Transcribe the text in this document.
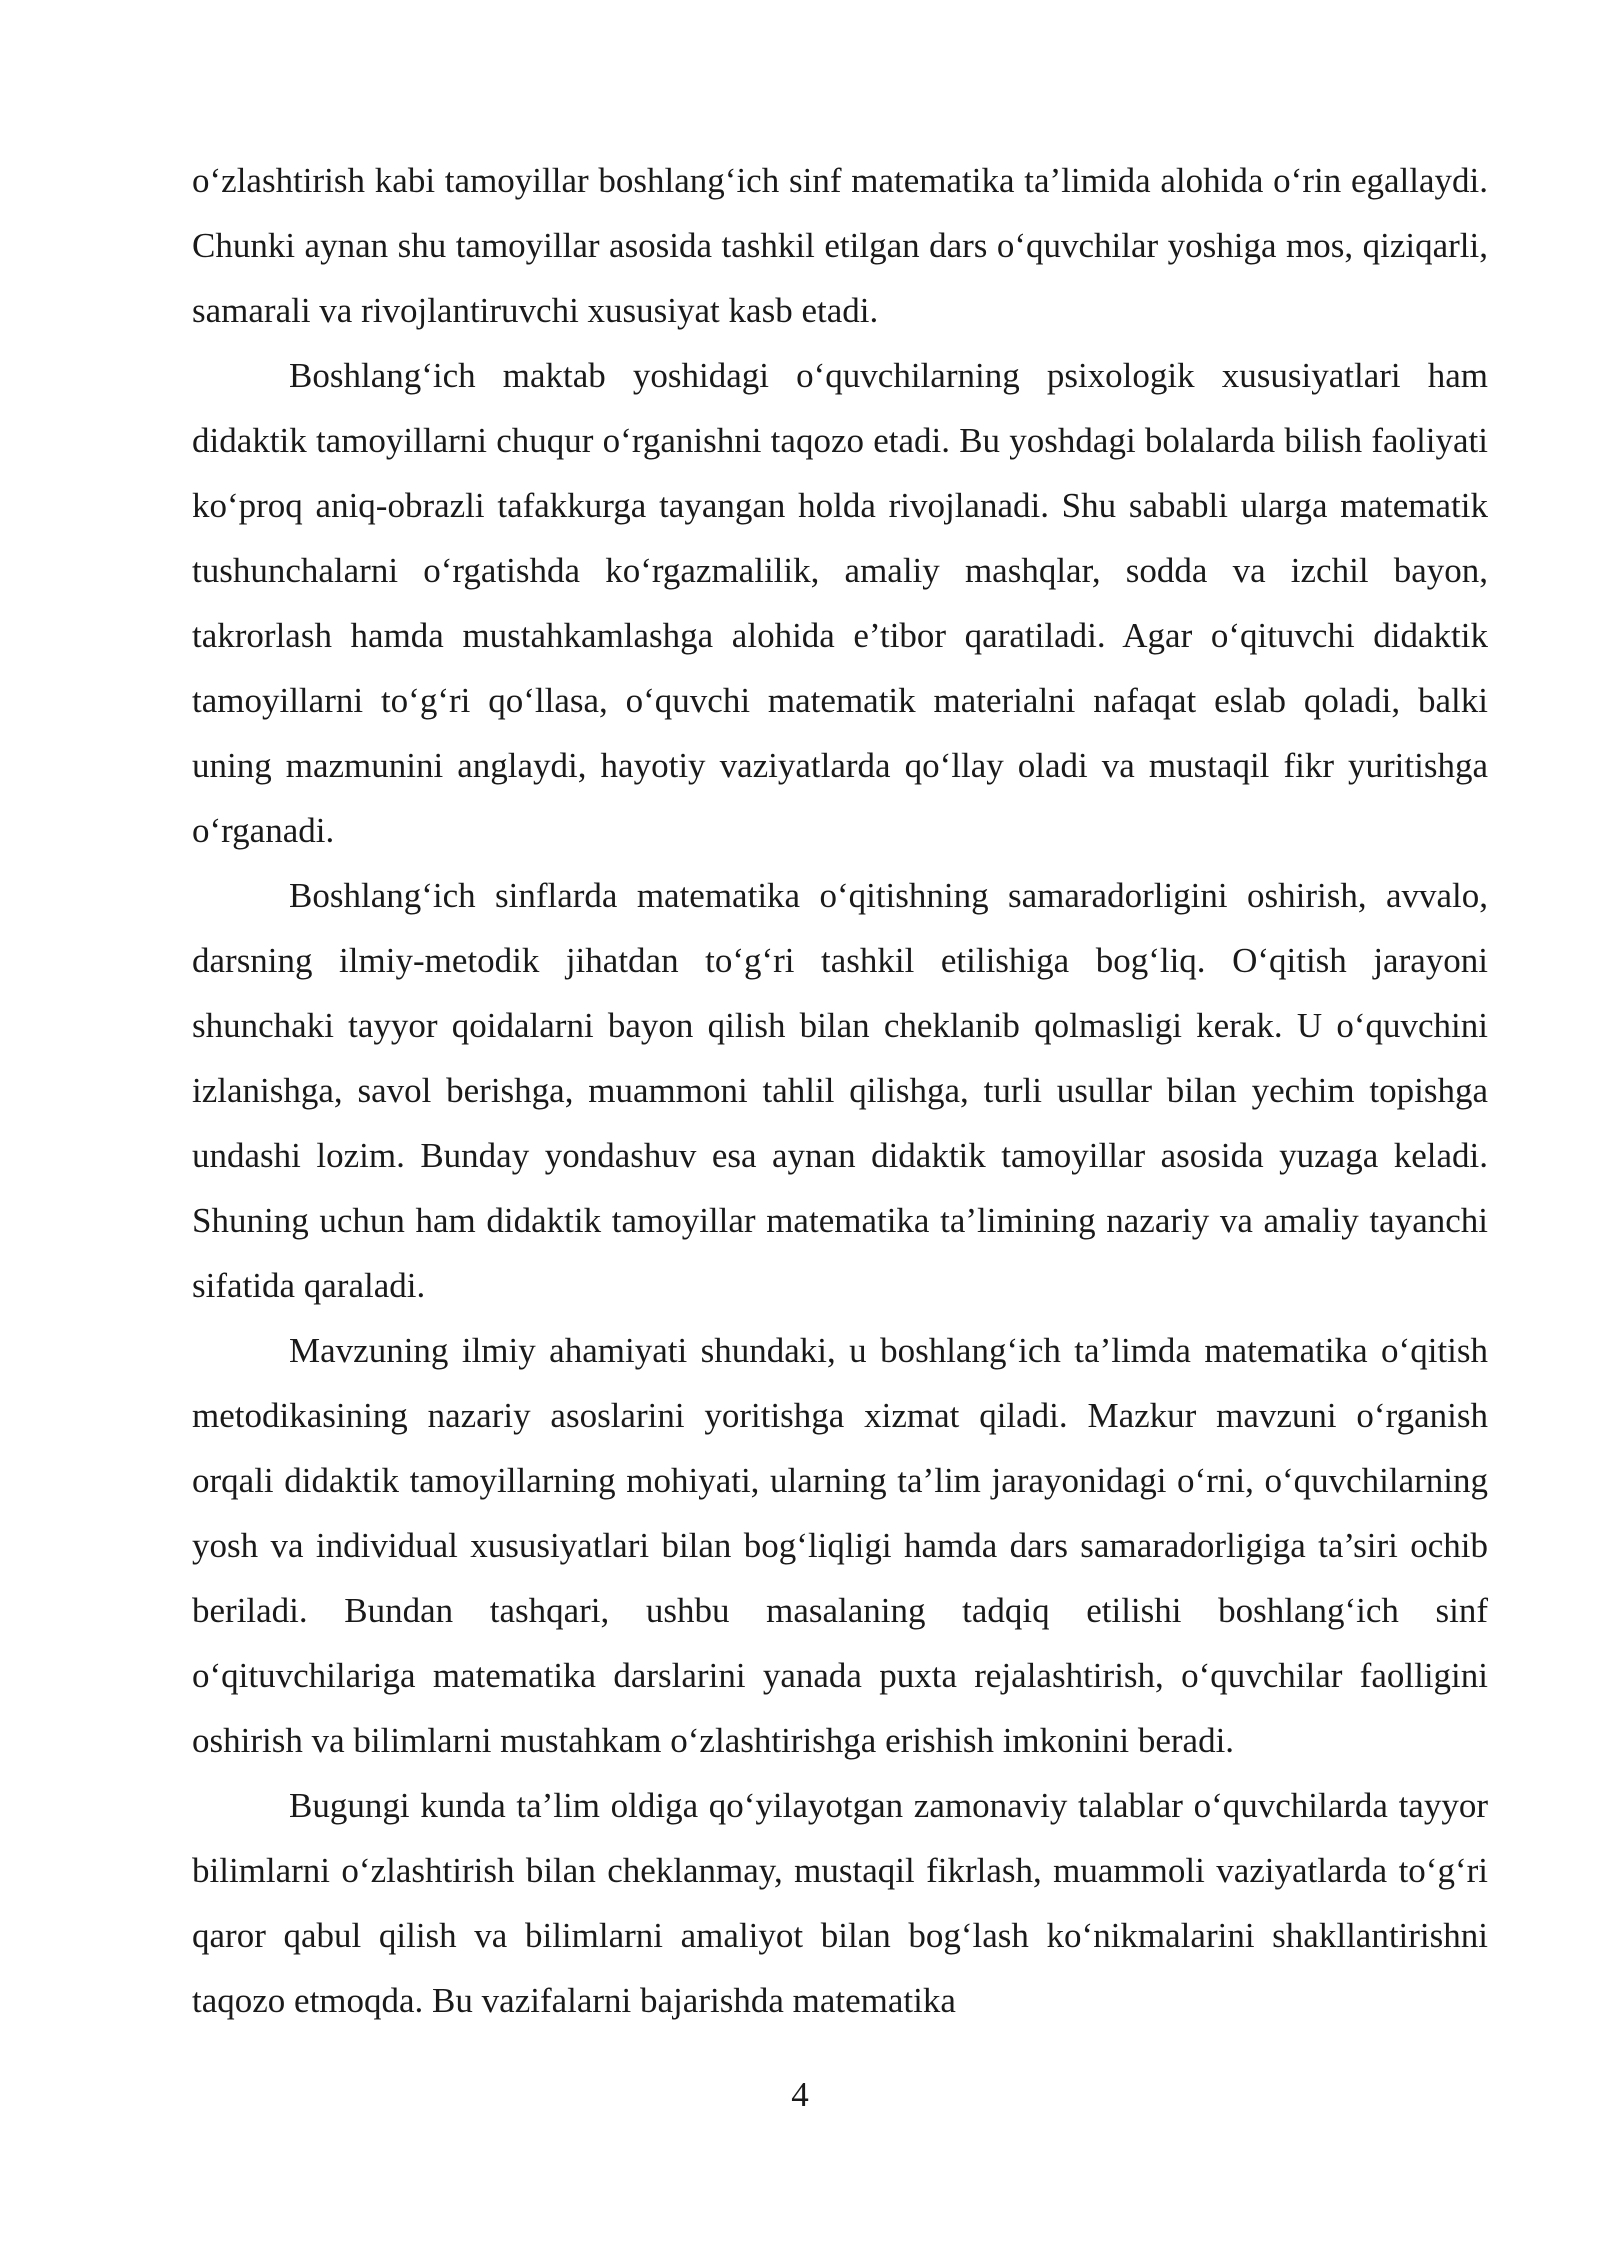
o‘zlashtirish kabi tamoyillar boshlang‘ich sinf matematika ta’limida alohida o‘rin egallaydi. Chunki aynan shu tamoyillar asosida tashkil etilgan dars o‘quvchilar yoshiga mos, qiziqarli, samarali va rivojlantiruvchi xususiyat kasb etadi.

Boshlang‘ich maktab yoshidagi o‘quvchilarning psixologik xususiyatlari ham didaktik tamoyillarni chuqur o‘rganishni taqozo etadi. Bu yoshdagi bolalarda bilish faoliyati ko‘proq aniq-obrazli tafakkurga tayangan holda rivojlanadi. Shu sababli ularga matematik tushunchalarni o‘rgatishda ko‘rgazmalilik, amaliy mashqlar, sodda va izchil bayon, takrorlash hamda mustahkamlashga alohida e’tibor qaratiladi. Agar o‘qituvchi didaktik tamoyillarni to‘g‘ri qo‘llasa, o‘quvchi matematik materialni nafaqat eslab qoladi, balki uning mazmunini anglaydi, hayotiy vaziyatlarda qo‘llay oladi va mustaqil fikr yuritishga o‘rganadi.

Boshlang‘ich sinflarda matematika o‘qitishning samaradorligini oshirish, avvalo, darsning ilmiy-metodik jihatdan to‘g‘ri tashkil etilishiga bog‘liq. O‘qitish jarayoni shunchaki tayyor qoidalarni bayon qilish bilan cheklanib qolmasligi kerak. U o‘quvchini izlanishga, savol berishga, muammoni tahlil qilishga, turli usullar bilan yechim topishga undashi lozim. Bunday yondashuv esa aynan didaktik tamoyillar asosida yuzaga keladi. Shuning uchun ham didaktik tamoyillar matematika ta’limining nazariy va amaliy tayanchi sifatida qaraladi.

Mavzuning ilmiy ahamiyati shundaki, u boshlang‘ich ta’limda matematika o‘qitish metodikasining nazariy asoslarini yoritishga xizmat qiladi. Mazkur mavzuni o‘rganish orqali didaktik tamoyillarning mohiyati, ularning ta’lim jarayonidagi o‘rni, o‘quvchilarning yosh va individual xususiyatlari bilan bog‘liqligi hamda dars samaradorligiga ta’siri ochib beriladi. Bundan tashqari, ushbu masalaning tadqiq etilishi boshlang‘ich sinf o‘qituvchilariga matematika darslarini yanada puxta rejalashtirish, o‘quvchilar faolligini oshirish va bilimlarni mustahkam o‘zlashtirishga erishish imkonini beradi.

Bugungi kunda ta’lim oldiga qo‘yilayotgan zamonaviy talablar o‘quvchilarda tayyor bilimlarni o‘zlashtirish bilan cheklanmay, mustaqil fikrlash, muammoli vaziyatlarda to‘g‘ri qaror qabul qilish va bilimlarni amaliyot bilan bog‘lash ko‘nikmalarini shakllantirishni taqozo etmoqda. Bu vazifalarni bajarishda matematika

4
